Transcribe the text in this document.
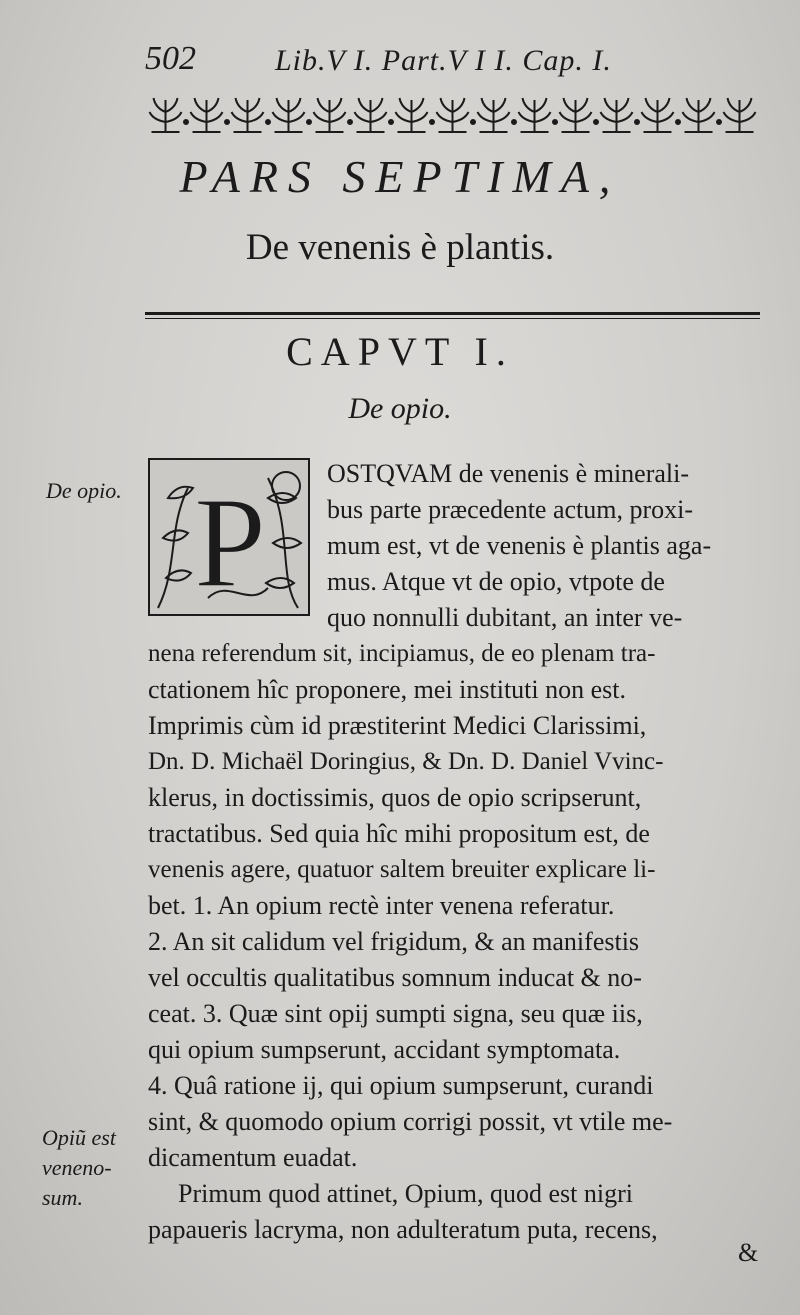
502	Lib.V I. Part.V I I. Cap. I.
PARS SEPTIMA,
De venenis è plantis.
CAPVT I.
De opio.
De opio.
Opiũ est
veneno-
sum.
P OSTQVAM de venenis è minerali-
bus parte præcedente actum, proxi-
mum est, vt de venenis è plantis aga-
mus. Atque vt de opio, vtpote de
quo nonnulli dubitant, an inter ve-
nena referendum sit, incipiamus, de eo plenam tra-
ctationem hîc proponere, mei instituti non est.
Imprimis cùm id præstiterint Medici Clarissimi,
Dn. D. Michaël Doringius, & Dn. D. Daniel Vvinc-
klerus, in doctissimis, quos de opio scripserunt,
tractatibus. Sed quia hîc mihi propositum est, de
venenis agere, quatuor saltem breuiter explicare li-
bet. 1. An opium rectè inter venena referatur.
2. An sit calidum vel frigidum, & an manifestis
vel occultis qualitatibus somnum inducat & no-
ceat. 3. Quæ sint opij sumpti signa, seu quæ iis,
qui opium sumpserunt, accidant symptomata.
4. Quâ ratione ij, qui opium sumpserunt, curandi
sint, & quomodo opium corrigi possit, vt vtile me-
dicamentum euadat.
Primum quod attinet, Opium, quod est nigri
papaueris lacryma, non adulteratum puta, recens,
&
